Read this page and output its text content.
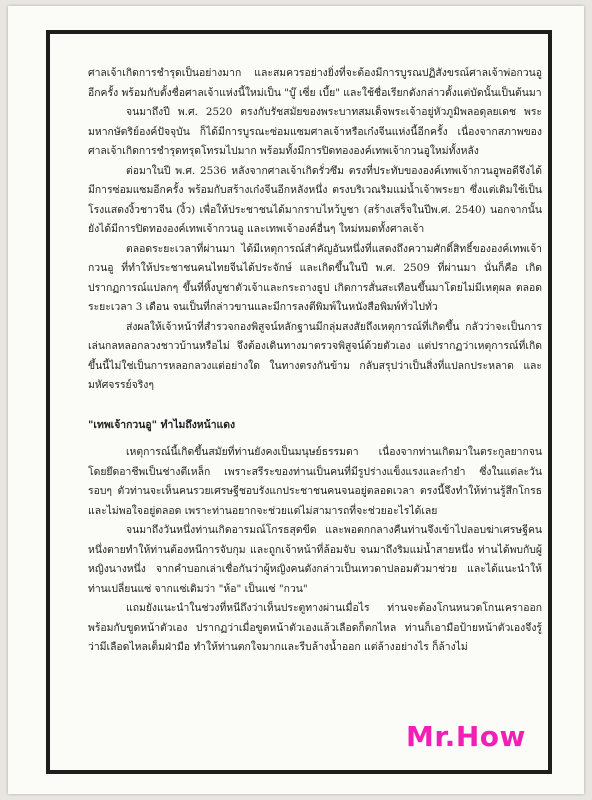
ศาลเจ้าเกิดการชำรุดเป็นอย่างมาก และสมควรอย่างยิ่งที่จะต้องมีการบูรณปฏิสังขรณ์ศาลเจ้าพ่อกวนอูอีกครั้ง พร้อมกับตั้งชื่อศาลเจ้าแห่งนี้ใหม่เป็น "บู๊ เซี่ย เบี้ย" และใช้ชื่อเรียกดังกล่าวตั้งแต่บัดนั้นเป็นต้นมา

จนมาถึงปี พ.ศ. 2520 ตรงกับรัชสมัยของพระบาทสมเด็จพระเจ้าอยู่หัวภูมิพลอดุลยเดช พระมหากษัตริย์องค์ปัจจุบัน ก็ได้มีการบูรณะซ่อมแซมศาลเจ้าหรือเก๋งจีนแห่งนี้อีกครั้ง เนื่องจากสภาพของศาลเจ้าเกิดการชำรุดทรุดโทรมไปมาก พร้อมทั้งมีการปิดทององค์เทพเจ้ากวนอูใหม่ทั้งหลัง

ต่อมาในปี พ.ศ. 2536 หลังจากศาลเจ้าเกิดรั่วซึม ตรงที่ประทับขององค์เทพเจ้ากวนอูพอดีจึงได้มีการซ่อมแซมอีกครั้ง พร้อมกับสร้างเก๋งจีนอีกหลังหนึ่ง ตรงบริเวณริมแม่น้ำเจ้าพระยา ซึ่งแต่เดิมใช้เป็นโรงแสดงงิ้วชาวจีน (งิ้ว) เพื่อให้ประชาชนได้มากราบไหว้บูชา (สร้างเสร็จในปีพ.ศ. 2540) นอกจากนั้น ยังได้มีการปิดทององค์เทพเจ้ากวนอู และเทพเจ้าองค์อื่นๆ ใหม่หมดทั้งศาลเจ้า

ตลอดระยะเวลาที่ผ่านมา ได้มีเหตุการณ์สำคัญอันหนึ่งที่แสดงถึงความศักดิ์สิทธิ์ขององค์เทพเจ้ากวนอู ที่ทำให้ประชาชนคนไทยจีนได้ประจักษ์ และเกิดขึ้นในปี พ.ศ. 2509 ที่ผ่านมา นั่นก็คือ เกิดปรากฏการณ์แปลกๆ ขึ้นที่หิ้งบูชาตัวเจ้าและกระถางธูป เกิดการสั่นสะเทือนขึ้นมาโดยไม่มีเหตุผล ตลอดระยะเวลา 3 เดือน จนเป็นที่กล่าวขานและมีการลงตีพิมพ์ในหนังสือพิมพ์ทั่วไปทั่ว

ส่งผลให้เจ้าหน้าที่สำรวจกองพิสูจน์หลักฐานมีกลุ่มสงสัยถึงเหตุการณ์ที่เกิดขึ้น กลัวว่าจะเป็นการเล่นกลหลอกลวงชาวบ้านหรือไม่ จึงต้องเดินทางมาตรวจพิสูจน์ด้วยตัวเอง แต่ปรากฏว่าเหตุการณ์ที่เกิดขึ้นนี้ไม่ใช่เป็นการหลอกลวงแต่อย่างใด ในทางตรงกันข้าม กลับสรุปว่าเป็นสิ่งที่แปลกประหลาด และมหัศจรรย์จริงๆ

"เทพเจ้ากวนอู" ทำไมถึงหน้าแดง

เหตุการณ์นี้เกิดขึ้นสมัยที่ท่านยังคงเป็นมนุษย์ธรรมดา เนื่องจากท่านเกิดมาในตระกูลยากจนโดยยึดอาชีพเป็นช่างตีเหล็ก เพราะสรีระของท่านเป็นคนที่มีรูปร่างแข็งแรงและกำยำ ซึ่งในแต่ละวันรอบๆ ตัวท่านจะเห็นคนรวยเศรษฐีชอบรังแกประชาชนคนจนอยู่ตลอดเวลา ตรงนี้จึงทำให้ท่านรู้สึกโกรธและไม่พอใจอยู่ตลอด เพราะท่านอยากจะช่วยแต่ไม่สามารถที่จะช่วยอะไรได้เลย

จนมาถึงวันหนึ่งท่านเกิดอารมณ์โกรธสุดขีด และพอตกกลางคืนท่านจึงเข้าไปลอบฆ่าเศรษฐีคนหนึ่งตายทำให้ท่านต้องหนีการจับกุม และถูกเจ้าหน้าที่ล้อมจับ จนมาถึงริมแม่น้ำสายหนึ่ง ท่านได้พบกับผู้หญิงนางหนึ่ง จากคำบอกเล่าเชื่อกันว่าผู้หญิงคนดังกล่าวเป็นเทวดาปลอมตัวมาช่วย และได้แนะนำให้ท่านเปลี่ยนแซ่ จากแซ่เดิมว่า "ห้อ" เป็นแซ่ "กวน"

แถมยังแนะนำในช่วงที่หนีถึงว่าเห็นประตูทางผ่านเมื่อไร ท่านจะต้องโกนหนวดโกนเคราออก พร้อมกับขูดหน้าตัวเอง ปรากฏว่าเมื่อขูดหน้าตัวเองแล้วเลือดก็ตกไหล ท่านก็เอามือป้ายหน้าตัวเองจึงรู้ว่ามีเลือดไหลเต็มฝ่ามือ ทำให้ท่านตกใจมากและรีบล้างน้ำออก แต่ล้างอย่างไร ก็ล้างไม่

Mr.How
